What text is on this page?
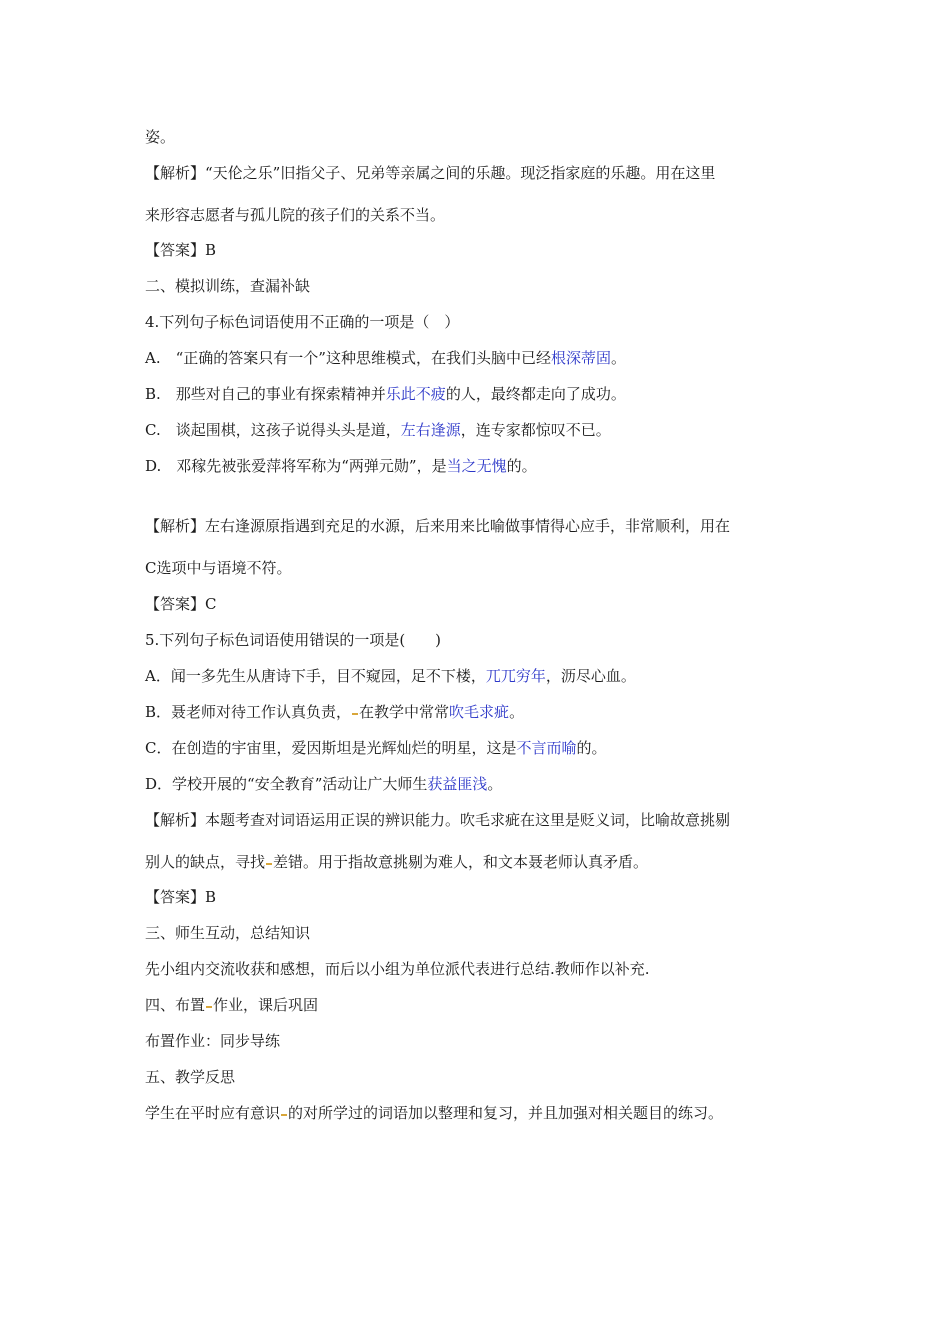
姿。
【解析】“天伦之乐”旧指父子、兄弟等亲属之间的乐趣。现泛指家庭的乐趣。用在这里
来形容志愿者与孤儿院的孩子们的关系不当。
【答案】B
二、模拟训练，查漏补缺
4.下列句子标色词语使用不正确的一项是（　）
A.　“正确的答案只有一个”这种思维模式，在我们头脑中已经根深蒂固。
B.　那些对自己的事业有探索精神并乐此不疲的人，最终都走向了成功。
C.　谈起围棋，这孩子说得头头是道，左右逢源，连专家都惊叹不已。
D.　邓稼先被张爱萍将军称为“两弹元勋”，是当之无愧的。
【解析】左右逢源原指遇到充足的水源，后来用来比喻做事情得心应手，非常顺利，用在
C选项中与语境不符。
【答案】C
5.下列句子标色词语使用错误的一项是(　　)
A．闻一多先生从唐诗下手，目不窥园，足不下楼，兀兀穷年，沥尽心血。
B．聂老师对待工作认真负责， 在教学中常常吹毛求疵。
C．在创造的宇宙里，爱因斯坦是光辉灿烂的明星，这是不言而喻的。
D．学校开展的“安全教育”活动让广大师生获益匪浅。
【解析】本题考查对词语运用正误的辨识能力。吹毛求疵在这里是贬义词，比喻故意挑剔
别人的缺点，寻找 差错。用于指故意挑剔为难人，和文本聂老师认真矛盾。
【答案】B
三、师生互动，总结知识
先小组内交流收获和感想，而后以小组为单位派代表进行总结.教师作以补充.
四、布置 作业，课后巩固
布置作业：同步导练
五、教学反思
学生在平时应有意识 的对所学过的词语加以整理和复习，并且加强对相关题目的练习。
